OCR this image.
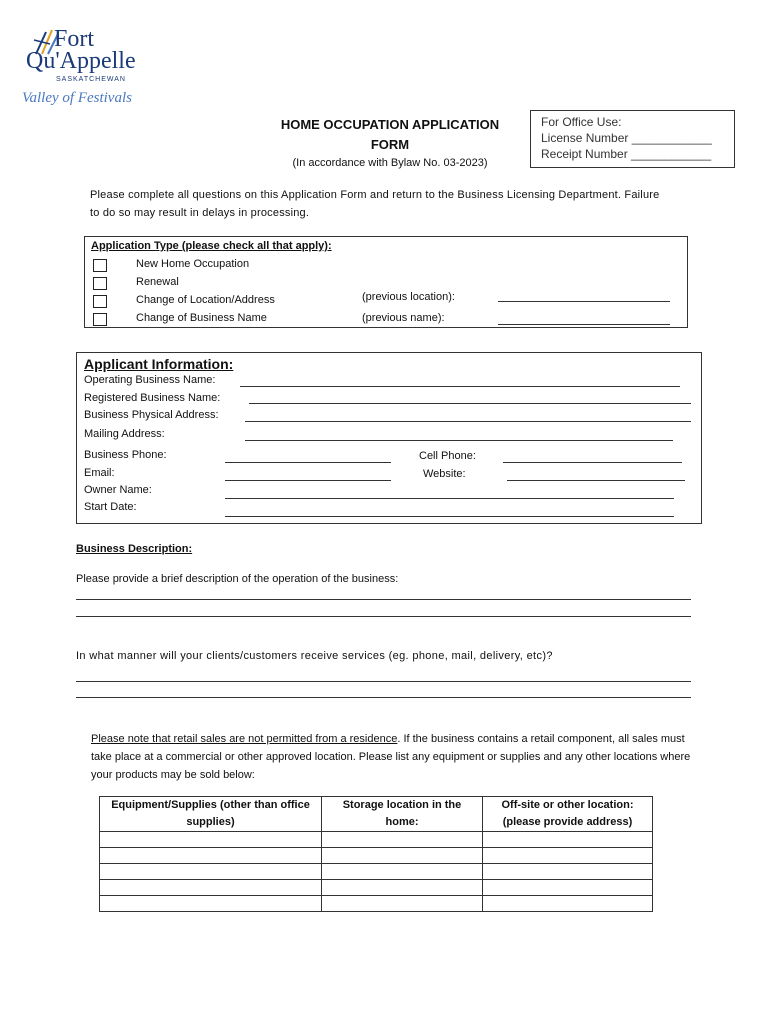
Fort
Qu'Appelle
SASKATCHEWAN
Valley of Festivals
HOME OCCUPATION APPLICATION
FORM
(In accordance with Bylaw No. 03-2023)
For Office Use:
License Number ____________
Receipt Number ____________
Please complete all questions on this Application Form and return to the Business Licensing Department. Failure to do so may result in delays in processing.
Application Type (please check all that apply):
New Home Occupation
Renewal
Change of Location/Address
Change of Business Name
(previous location):
(previous name):
Applicant Information:
Operating Business Name:
Registered Business Name:
Business Physical Address:
Mailing Address:
Business Phone:
Email:
Owner Name:
Start Date:
Cell Phone:
Website:
Business Description:
Please provide a brief description of the operation of the business:
In what manner will your clients/customers receive services (eg. phone, mail, delivery, etc)?
Please note that retail sales are not permitted from a residence. If the business contains a retail component, all sales must take place at a commercial or other approved location. Please list any equipment or supplies and any other locations where your products may be sold below:
Equipment/Supplies (other than office supplies)	Storage location in the home:	Off-site or other location: (please provide address)
